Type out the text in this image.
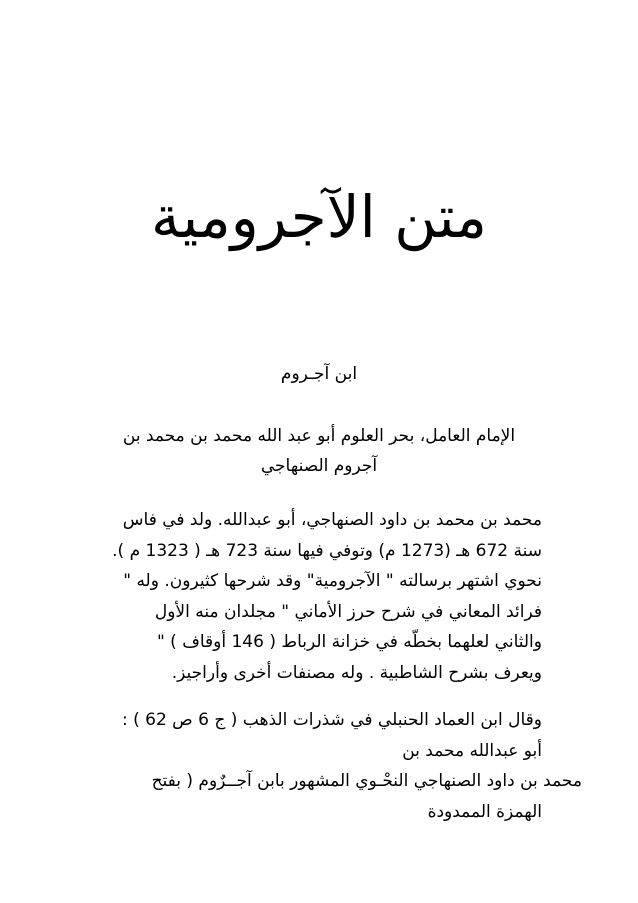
متن الآجرومية

ابن آجـروم

الإمام العامل، بحر العلوم أبو عبد الله محمد بن محمد بن
آجروم الصنهاجي

محمد بن محمد بن داود الصنهاجي، أبو عبدالله. ولد في فاس
سنة 672 هـ (1273 م) وتوفي فيها سنة 723 هـ ( 1323 م ).
نحوي اشتهر برسالته " الآجرومية" وقد شرحها كثيرون. وله "
فرائد المعاني في شرح حرز الأماني " مجلدان منه الأول
والثاني لعلهما بخطّه في خزانة الرباط ( 146 أوقاف ) "
ويعرف بشرح الشاطبية . وله مصنفات أخرى وأراجيز.

وقال ابن العماد الحنبلي في شذرات الذهب ( ج 6 ص 62 ) :
أبو عبدالله محمد بن
محمد بن داود الصنهاجي النحْـوي المشهور بابن آجــرٌوم ( بفتح
الهمزة الممدودة
